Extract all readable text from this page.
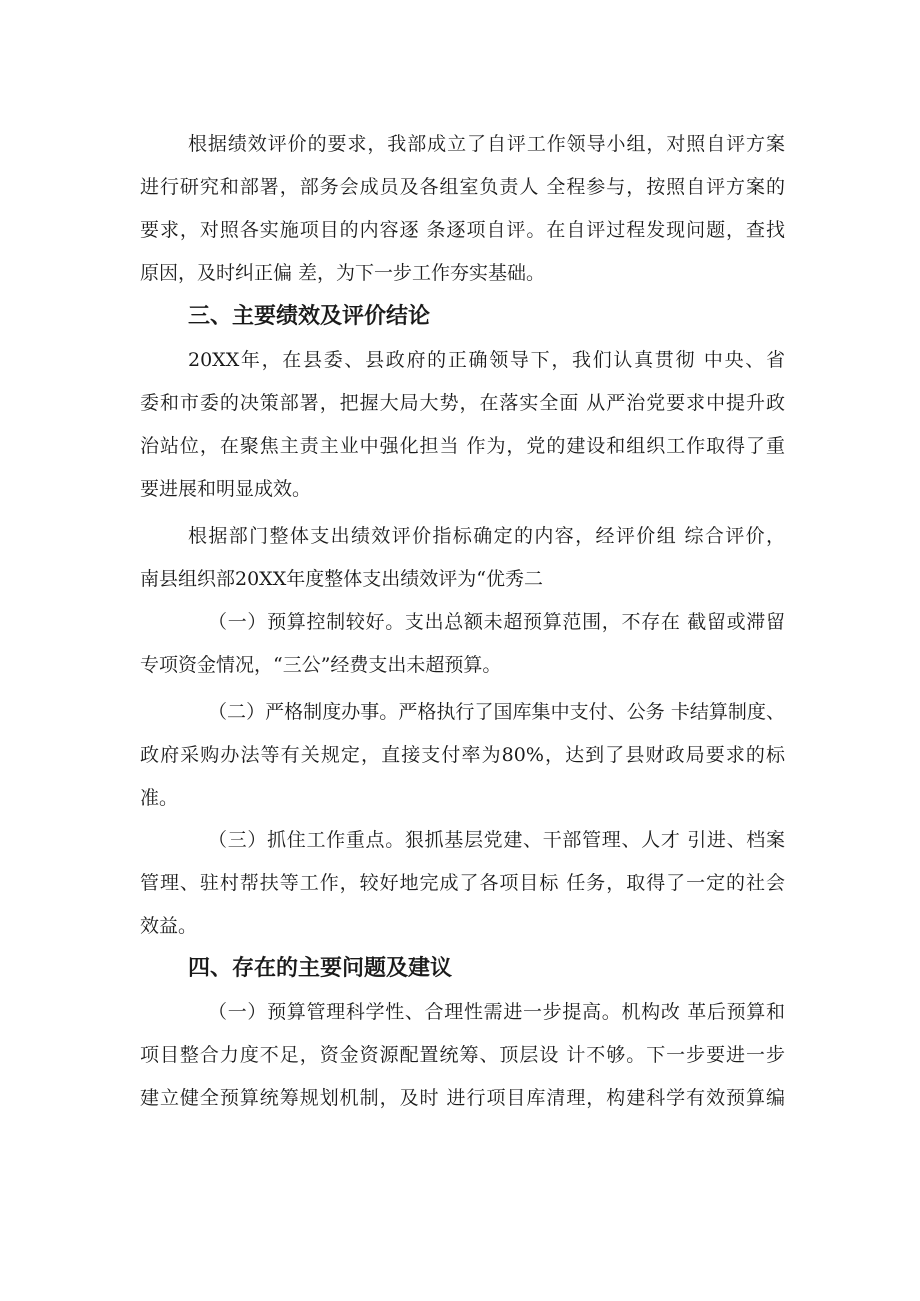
根据绩效评价的要求，我部成立了自评工作领导小组，对照自评方案
进行研究和部署，部务会成员及各组室负责人 全程参与，按照自评方案的
要求，对照各实施项目的内容逐 条逐项自评。在自评过程发现问题，查找
原因，及时纠正偏 差，为下一步工作夯实基础。
三、主要绩效及评价结论
20XX年，在县委、县政府的正确领导下，我们认真贯彻 中央、省
委和市委的决策部署，把握大局大势，在落实全面 从严治党要求中提升政
治站位，在聚焦主责主业中强化担当 作为，党的建设和组织工作取得了重
要进展和明显成效。
根据部门整体支出绩效评价指标确定的内容，经评价组 综合评价，
南县组织部20XX年度整体支出绩效评为“优秀二
（一）预算控制较好。支出总额未超预算范围，不存在 截留或滞留
专项资金情况，“三公”经费支出未超预算。
（二）严格制度办事。严格执行了国库集中支付、公务 卡结算制度、
政府采购办法等有关规定，直接支付率为80%，达到了县财政局要求的标
准。
（三）抓住工作重点。狠抓基层党建、干部管理、人才 引进、档案
管理、驻村帮扶等工作，较好地完成了各项目标 任务，取得了一定的社会
效益。
四、存在的主要问题及建议
（一）预算管理科学性、合理性需进一步提高。机构改 革后预算和
项目整合力度不足，资金资源配置统筹、顶层设 计不够。下一步要进一步
建立健全预算统筹规划机制，及时 进行项目库清理，构建科学有效预算编
